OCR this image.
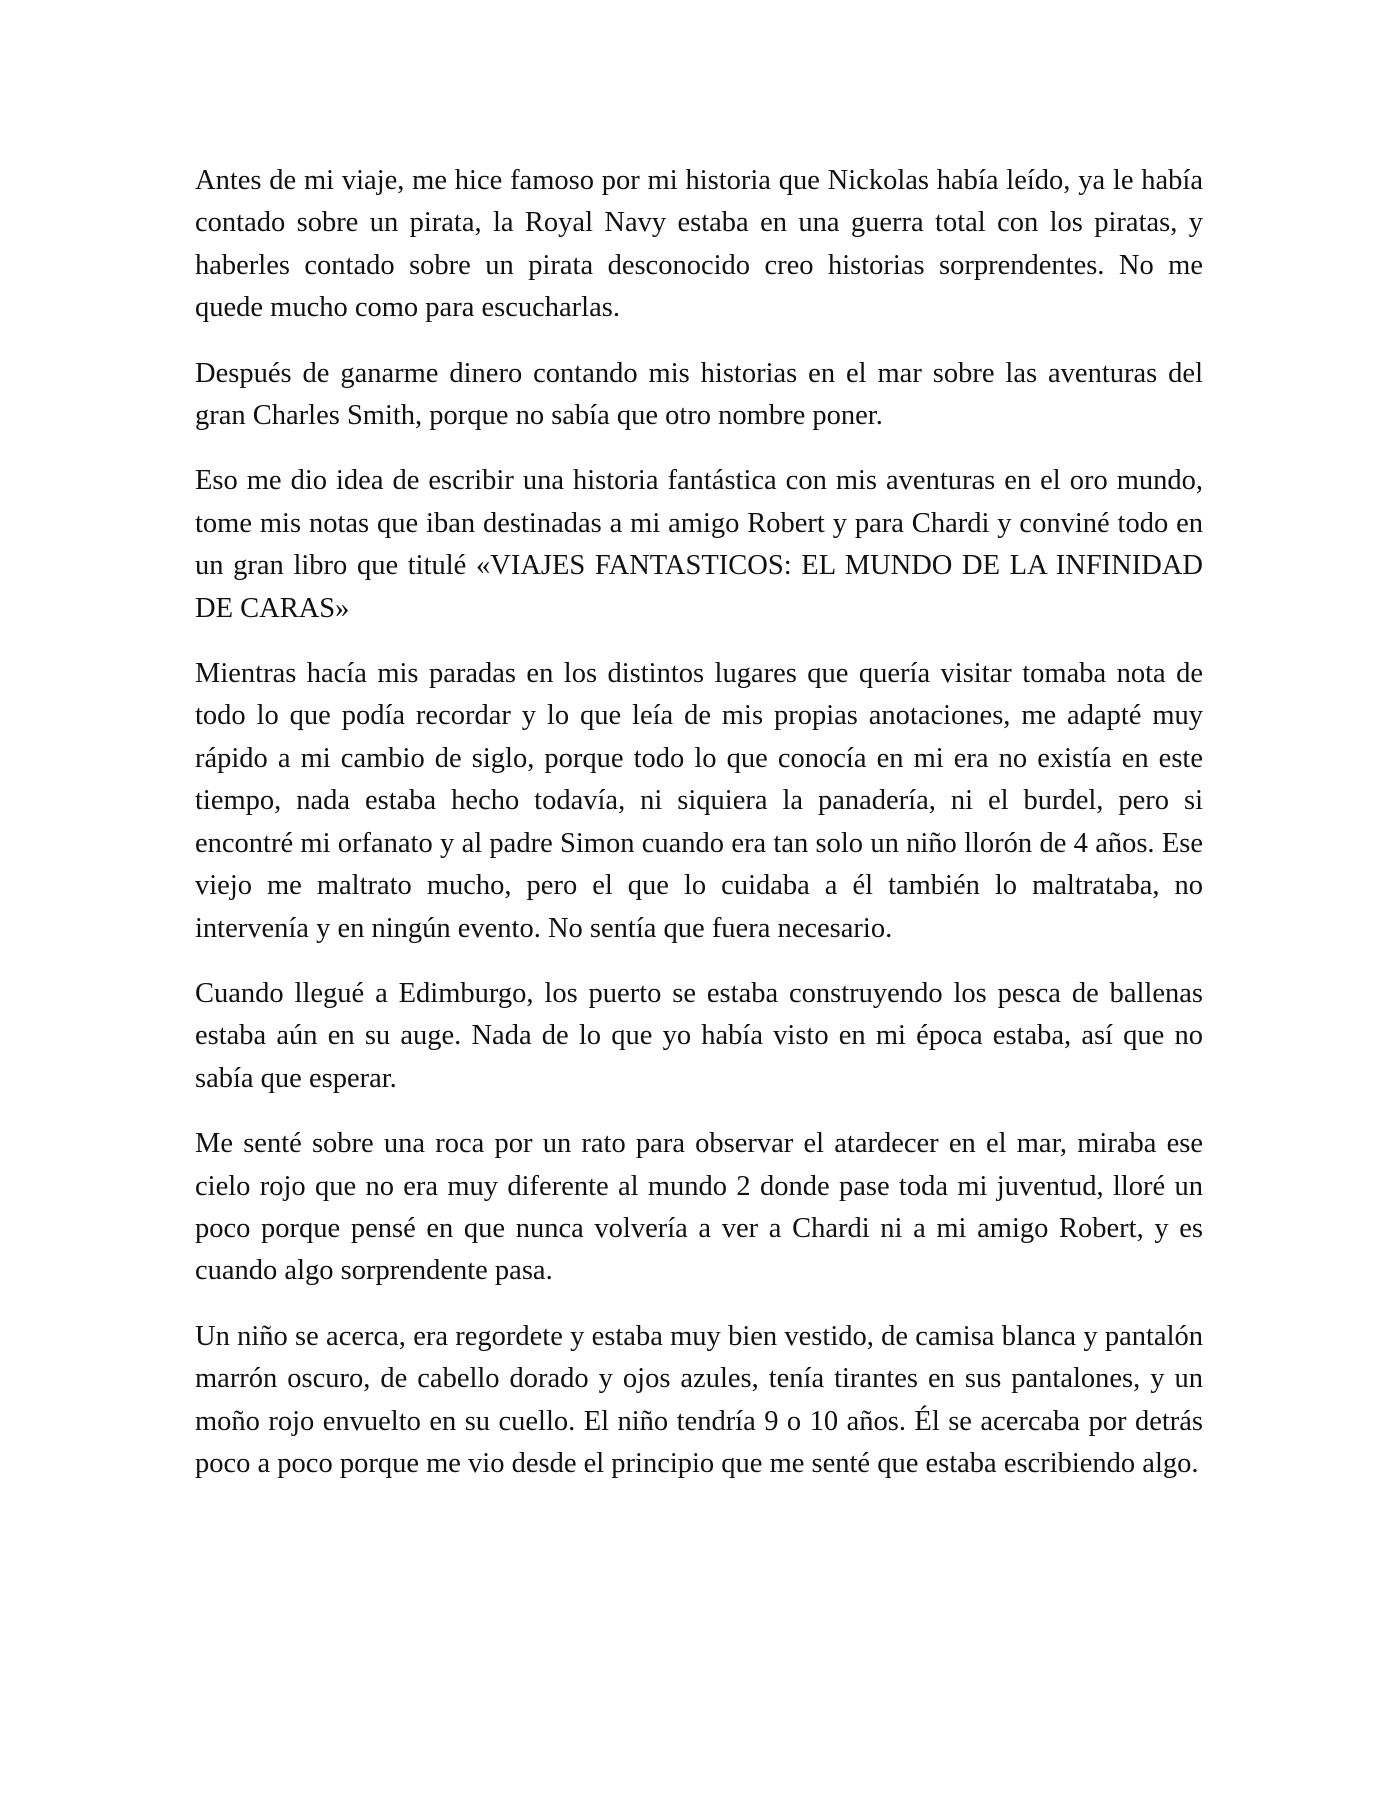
Antes de mi viaje, me hice famoso por mi historia que Nickolas había leído, ya le había contado sobre un pirata, la Royal Navy estaba en una guerra total con los piratas, y haberles contado sobre un pirata desconocido creo historias sorprendentes. No me quede mucho como para escucharlas.

Después de ganarme dinero contando mis historias en el mar sobre las aventuras del gran Charles Smith, porque no sabía que otro nombre poner.

Eso me dio idea de escribir una historia fantástica con mis aventuras en el oro mundo, tome mis notas que iban destinadas a mi amigo Robert y para Chardi y conviné todo en un gran libro que titulé «VIAJES FANTASTICOS: EL MUNDO DE LA INFINIDAD DE CARAS»

Mientras hacía mis paradas en los distintos lugares que quería visitar tomaba nota de todo lo que podía recordar y lo que leía de mis propias anotaciones, me adapté muy rápido a mi cambio de siglo, porque todo lo que conocía en mi era no existía en este tiempo, nada estaba hecho todavía, ni siquiera la panadería, ni el burdel, pero si encontré mi orfanato y al padre Simon cuando era tan solo un niño llorón de 4 años. Ese viejo me maltrato mucho, pero el que lo cuidaba a él también lo maltrataba, no intervenía y en ningún evento. No sentía que fuera necesario.

Cuando llegué a Edimburgo, los puerto se estaba construyendo los pesca de ballenas estaba aún en su auge. Nada de lo que yo había visto en mi época estaba, así que no sabía que esperar.

Me senté sobre una roca por un rato para observar el atardecer en el mar, miraba ese cielo rojo que no era muy diferente al mundo 2 donde pase toda mi juventud, lloré un poco porque pensé en que nunca volvería a ver a Chardi ni a mi amigo Robert, y es cuando algo sorprendente pasa.

Un niño se acerca, era regordete y estaba muy bien vestido, de camisa blanca y pantalón marrón oscuro, de cabello dorado y ojos azules, tenía tirantes en sus pantalones, y un moño rojo envuelto en su cuello. El niño tendría 9 o 10 años. Él se acercaba por detrás poco a poco porque me vio desde el principio que me senté que estaba escribiendo algo.
